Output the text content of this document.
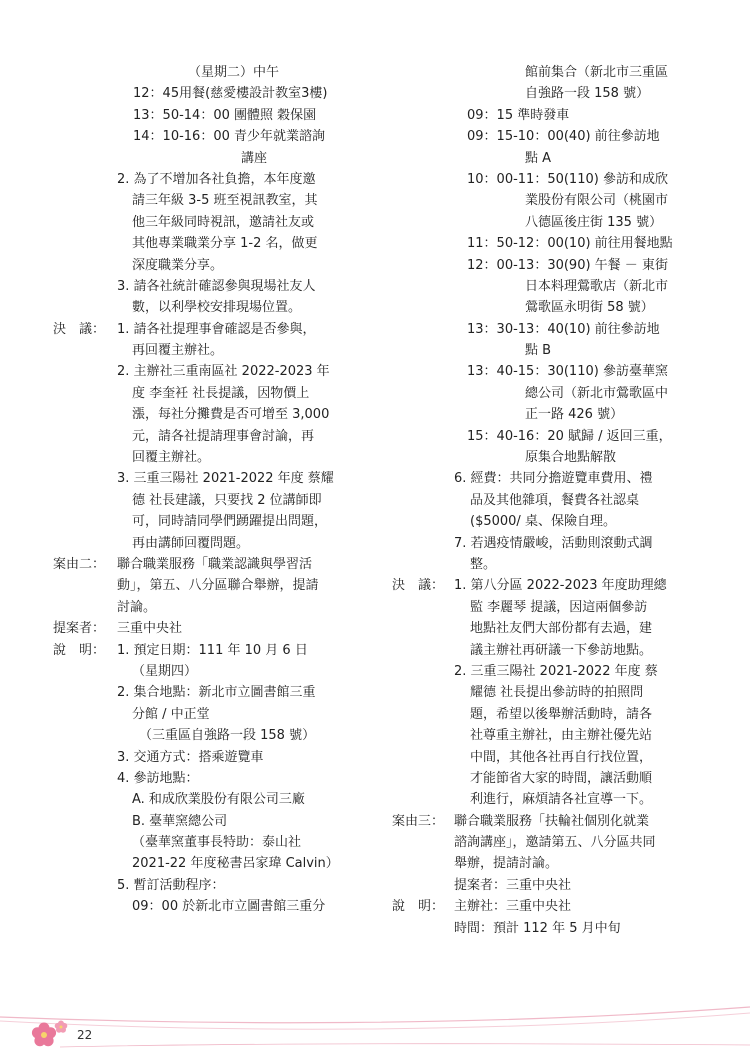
（星期二）中午
12：45用餐(慈愛樓設計教室3樓)
13：50-14：00 團體照 穀保園
14：10-16：00 青少年就業諮詢
講座
2. 為了不增加各社負擔，本年度邀
請三年級 3-5 班至視訊教室，其
他三年級同時視訊，邀請社友或
其他專業職業分享 1-2 名，做更
深度職業分享。
3. 請各社統計確認參與現場社友人
數，以利學校安排現場位置。
決　議： 1. 請各社提理事會確認是否參與，
再回覆主辦社。
2. 主辦社三重南區社 2022-2023 年
度 李奎衽 社長提議，因物價上
漲，每社分攤費是否可增至 3,000
元，請各社提請理事會討論，再
回覆主辦社。
3. 三重三陽社 2021-2022 年度 蔡耀
德 社長建議，只要找 2 位講師即
可，同時請同學們踴躍提出問題，
再由講師回覆問題。
案由二： 聯合職業服務「職業認識與學習活
動」，第五、八分區聯合舉辦，提請
討論。
提案者： 三重中央社
說　明： 1. 預定日期：111 年 10 月 6 日
（星期四）
2. 集合地點：新北市立圖書館三重
分館 / 中正堂
（三重區自強路一段 158 號）
3. 交通方式：搭乘遊覽車
4. 參訪地點：
A. 和成欣業股份有限公司三廠
B. 臺華窯總公司
（臺華窯董事長特助：泰山社
2021-22 年度秘書呂家瑋 Calvin）
5. 暫訂活動程序：
09：00 於新北市立圖書館三重分
館前集合（新北市三重區
自強路一段 158 號）
09：15 準時發車
09：15-10：00(40) 前往參訪地
點 A
10：00-11：50(110) 參訪和成欣
業股份有限公司（桃園市
八德區後庄街 135 號）
11：50-12：00(10) 前往用餐地點
12：00-13：30(90) 午餐 － 東街
日本料理鶯歌店（新北市
鶯歌區永明街 58 號）
13：30-13：40(10) 前往參訪地
點 B
13：40-15：30(110) 參訪臺華窯
總公司（新北市鶯歌區中
正一路 426 號）
15：40-16：20 賦歸 / 返回三重，
原集合地點解散
6. 經費：共同分擔遊覽車費用、禮
品及其他雜項，餐費各社認桌
($5000/ 桌、保險自理。
7. 若遇疫情嚴峻，活動則滾動式調
整。
決　議： 1. 第八分區 2022-2023 年度助理總
監 李麗琴 提議，因這兩個參訪
地點社友們大部份都有去過，建
議主辦社再研議一下參訪地點。
2. 三重三陽社 2021-2022 年度 蔡
耀德 社長提出參訪時的拍照問
題，希望以後舉辦活動時，請各
社尊重主辦社，由主辦社優先站
中間，其他各社再自行找位置，
才能節省大家的時間，讓活動順
利進行，麻煩請各社宣導一下。
案由三： 聯合職業服務「扶輪社個別化就業
諮詢講座」，邀請第五、八分區共同
舉辦，提請討論。
提案者：三重中央社
說　明： 主辦社：三重中央社
時間：預計 112 年 5 月中旬
22
